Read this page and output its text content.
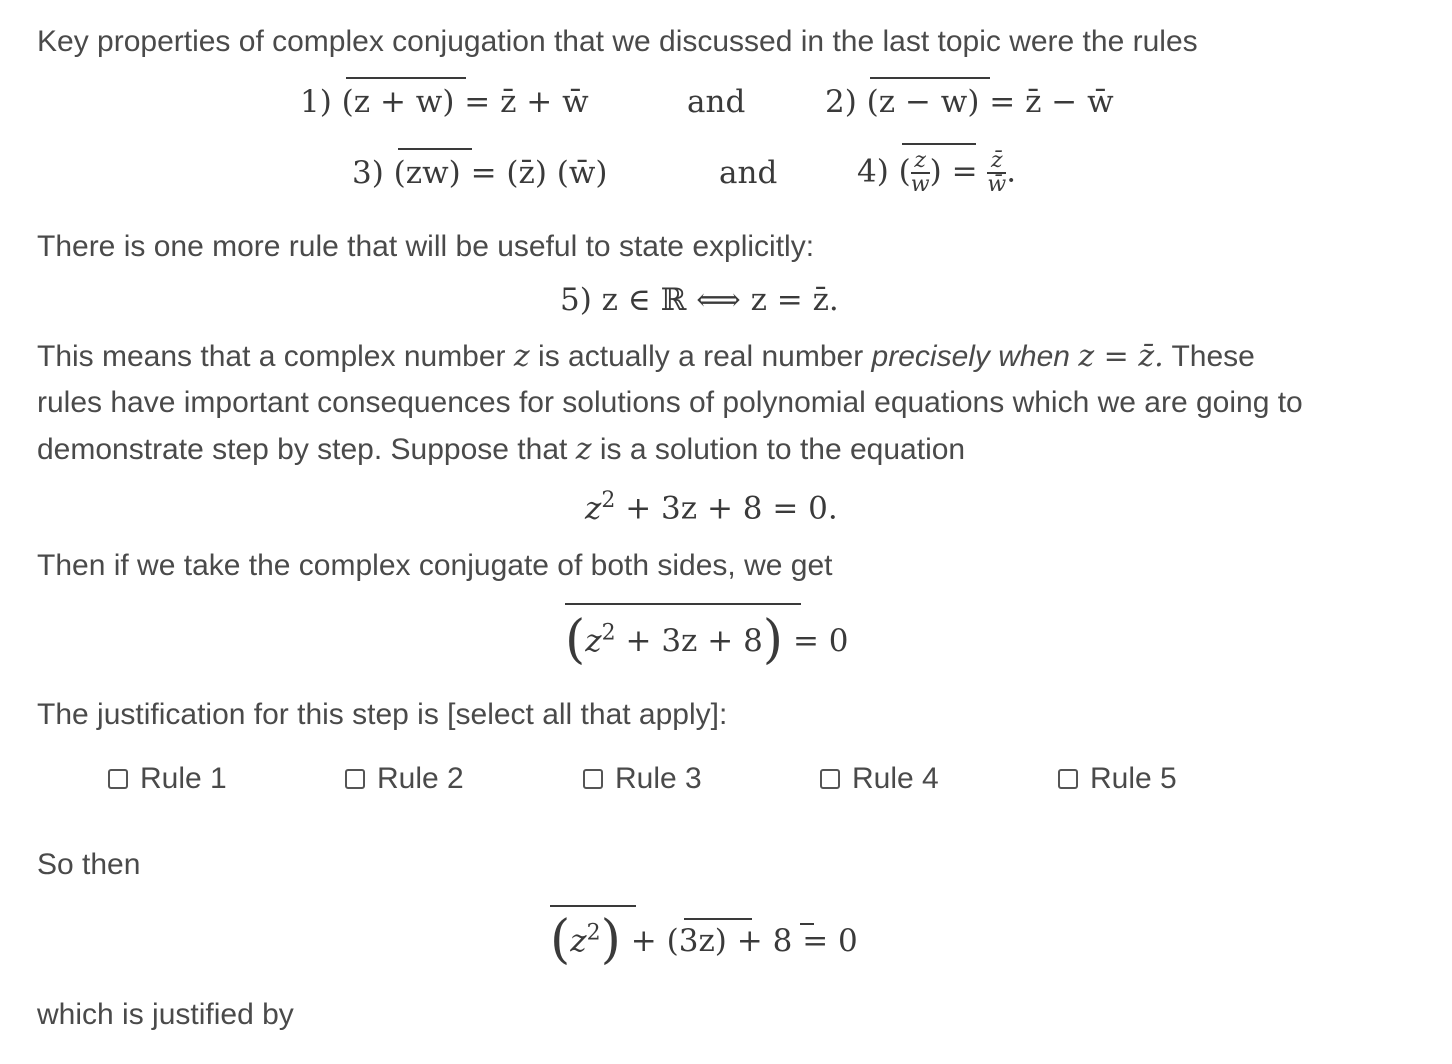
Key properties of complex conjugation that we discussed in the last topic were the rules
1) (z + w) = z̄ + w̄	and	2) (z − w) = z̄ − w̄
3) (zw) = (z̄) (w̄)	and	4) ( $\frac{z}{w}$ ) = $\frac{z̄}{w̄}$ .
There is one more rule that will be useful to state explicitly:
5) z ∈ ℝ ⟺ z = z̄.
This means that a complex number z is actually a real number precisely when z = z̄. These
rules have important consequences for solutions of polynomial equations which we are going to
demonstrate step by step. Suppose that z is a solution to the equation
$z^2 + 3z + 8 = 0$.
Then if we take the complex conjugate of both sides, we get
$(z^2 + 3z + 8) = 0$
The justification for this step is [select all that apply]:
Rule 1	Rule 2	Rule 3	Rule 4	Rule 5
So then
$(z^2) + (3z) + 8 = 0$
which is justified by
